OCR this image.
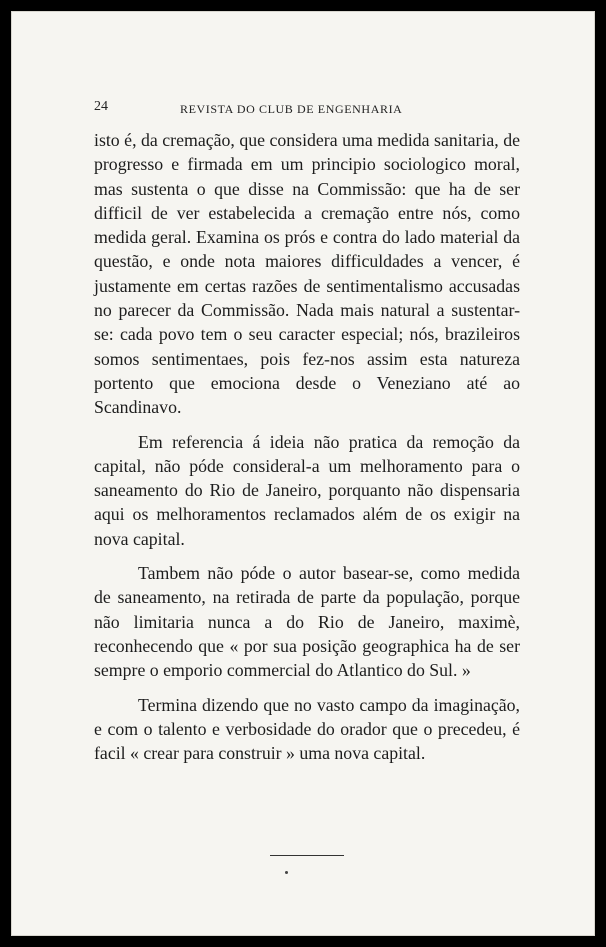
24	REVISTA DO CLUB DE ENGENHARIA

isto é, da cremação, que considera uma medida sanitaria, de progresso e firmada em um principio sociologico moral, mas sustenta o que disse na Commissão: que ha de ser difficil de ver estabelecida a cremação entre nós, como medida geral. Examina os prós e contra do lado material da questão, e onde nota maiores difficuldades a vencer, é justamente em certas razões de sentimentalismo accusadas no parecer da Commissão. Nada mais natural a sustentar-se: cada povo tem o seu caracter especial; nós, brazileiros somos sentimentaes, pois fez-nos assim esta natureza portento que emociona desde o Veneziano até ao Scandinavo.

Em referencia á ideia não pratica da remoção da capital, não póde consideral-a um melhoramento para o saneamento do Rio de Janeiro, porquanto não dispensaria aqui os melhoramentos reclamados além de os exigir na nova capital.

Tambem não póde o autor basear-se, como medida de saneamento, na retirada de parte da população, porque não limitaria nunca a do Rio de Janeiro, maximè, reconhecendo que « por sua posição geographica ha de ser sempre o emporio commercial do Atlantico do Sul. »

Termina dizendo que no vasto campo da imaginação, e com o talento e verbosidade do orador que o precedeu, é facil « crear para construir » uma nova capital.
